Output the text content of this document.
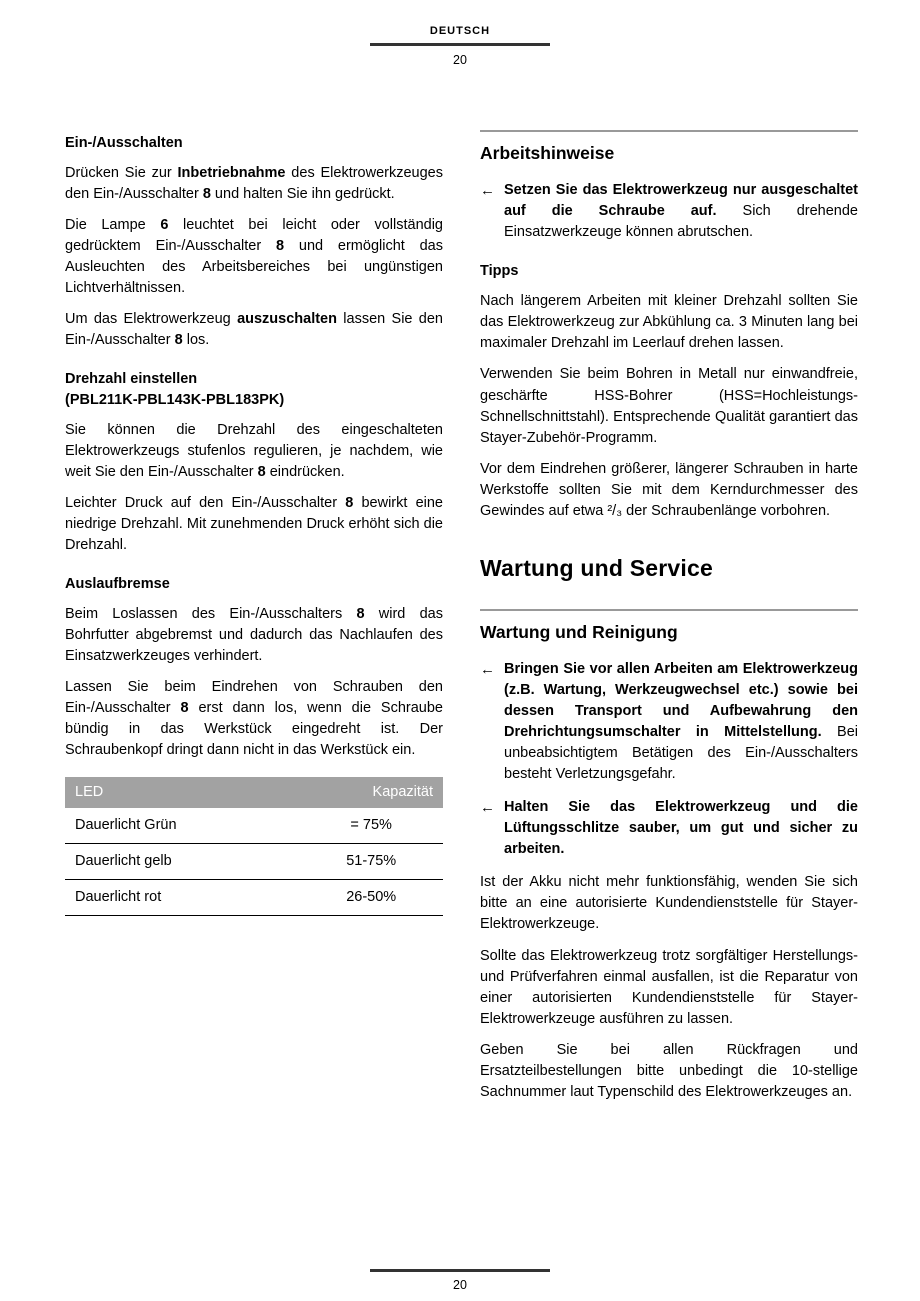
DEUTSCH
20
Ein-/Ausschalten

Drücken Sie zur Inbetriebnahme des Elektrowerkzeuges den Ein-/Ausschalter 8 und halten Sie ihn gedrückt.

Die Lampe 6 leuchtet bei leicht oder vollständig gedrücktem Ein-/Ausschalter 8 und ermöglicht das Ausleuchten des Arbeitsbereiches bei ungünstigen Lichtverhältnissen.

Um das Elektrowerkzeug auszuschalten lassen Sie den Ein-/Ausschalter 8 los.

Drehzahl einstellen
(PBL211K-PBL143K-PBL183PK)

Sie können die Drehzahl des eingeschalteten Elektrowerkzeugs stufenlos regulieren, je nachdem, wie weit Sie den Ein-/Ausschalter 8 eindrücken.

Leichter Druck auf den Ein-/Ausschalter 8 bewirkt eine niedrige Drehzahl. Mit zunehmenden Druck erhöht sich die Drehzahl.

Auslaufbremse

Beim Loslassen des Ein-/Ausschalters 8 wird das Bohrfutter abgebremst und dadurch das Nachlaufen des Einsatzwerkzeuges verhindert.

Lassen Sie beim Eindrehen von Schrauben den Ein-/Ausschalter 8 erst dann los, wenn die Schraube bündig in das Werkstück eingedreht ist. Der Schraubenkopf dringt dann nicht in das Werkstück ein.

LED	Kapazität
Dauerlicht Grün	= 75%
Dauerlicht gelb	51-75%
Dauerlicht rot	26-50%
Arbeitshinweise
← Setzen Sie das Elektrowerkzeug nur ausgeschaltet auf die Schraube auf. Sich drehende Einsatzwerkzeuge können abrutschen.
Tipps

Nach längerem Arbeiten mit kleiner Drehzahl sollten Sie das Elektrowerkzeug zur Abkühlung ca. 3 Minuten lang bei maximaler Drehzahl im Leerlauf drehen lassen.

Verwenden Sie beim Bohren in Metall nur einwandfreie, geschärfte HSS-Bohrer (HSS=Hochleistungs-Schnellschnittstahl). Entsprechende Qualität garantiert das Stayer-Zubehör-Programm.

Vor dem Eindrehen größerer, längerer Schrauben in harte Werkstoffe sollten Sie mit dem Kerndurchmesser des Gewindes auf etwa ²/₃ der Schraubenlänge vorbohren.

Wartung und Service
Wartung und Reinigung
← Bringen Sie vor allen Arbeiten am Elektrowerkzeug (z.B. Wartung, Werkzeugwechsel etc.) sowie bei dessen Transport und Aufbewahrung den Drehrichtungsumschalter in Mittelstellung. Bei unbeabsichtigtem Betätigen des Ein-/Ausschalters besteht Verletzungsgefahr.
← Halten Sie das Elektrowerkzeug und die Lüftungsschlitze sauber, um gut und sicher zu arbeiten.

Ist der Akku nicht mehr funktionsfähig, wenden Sie sich bitte an eine autorisierte Kundendienststelle für Stayer-Elektrowerkzeuge.

Sollte das Elektrowerkzeug trotz sorgfältiger Herstellungs- und Prüfverfahren einmal ausfallen, ist die Reparatur von einer autorisierten Kundendienststelle für Stayer-Elektrowerkzeuge ausführen zu lassen.

Geben Sie bei allen Rückfragen und Ersatzteilbestellungen bitte unbedingt die 10-stellige Sachnummer laut Typenschild des Elektrowerkzeuges an.

20
